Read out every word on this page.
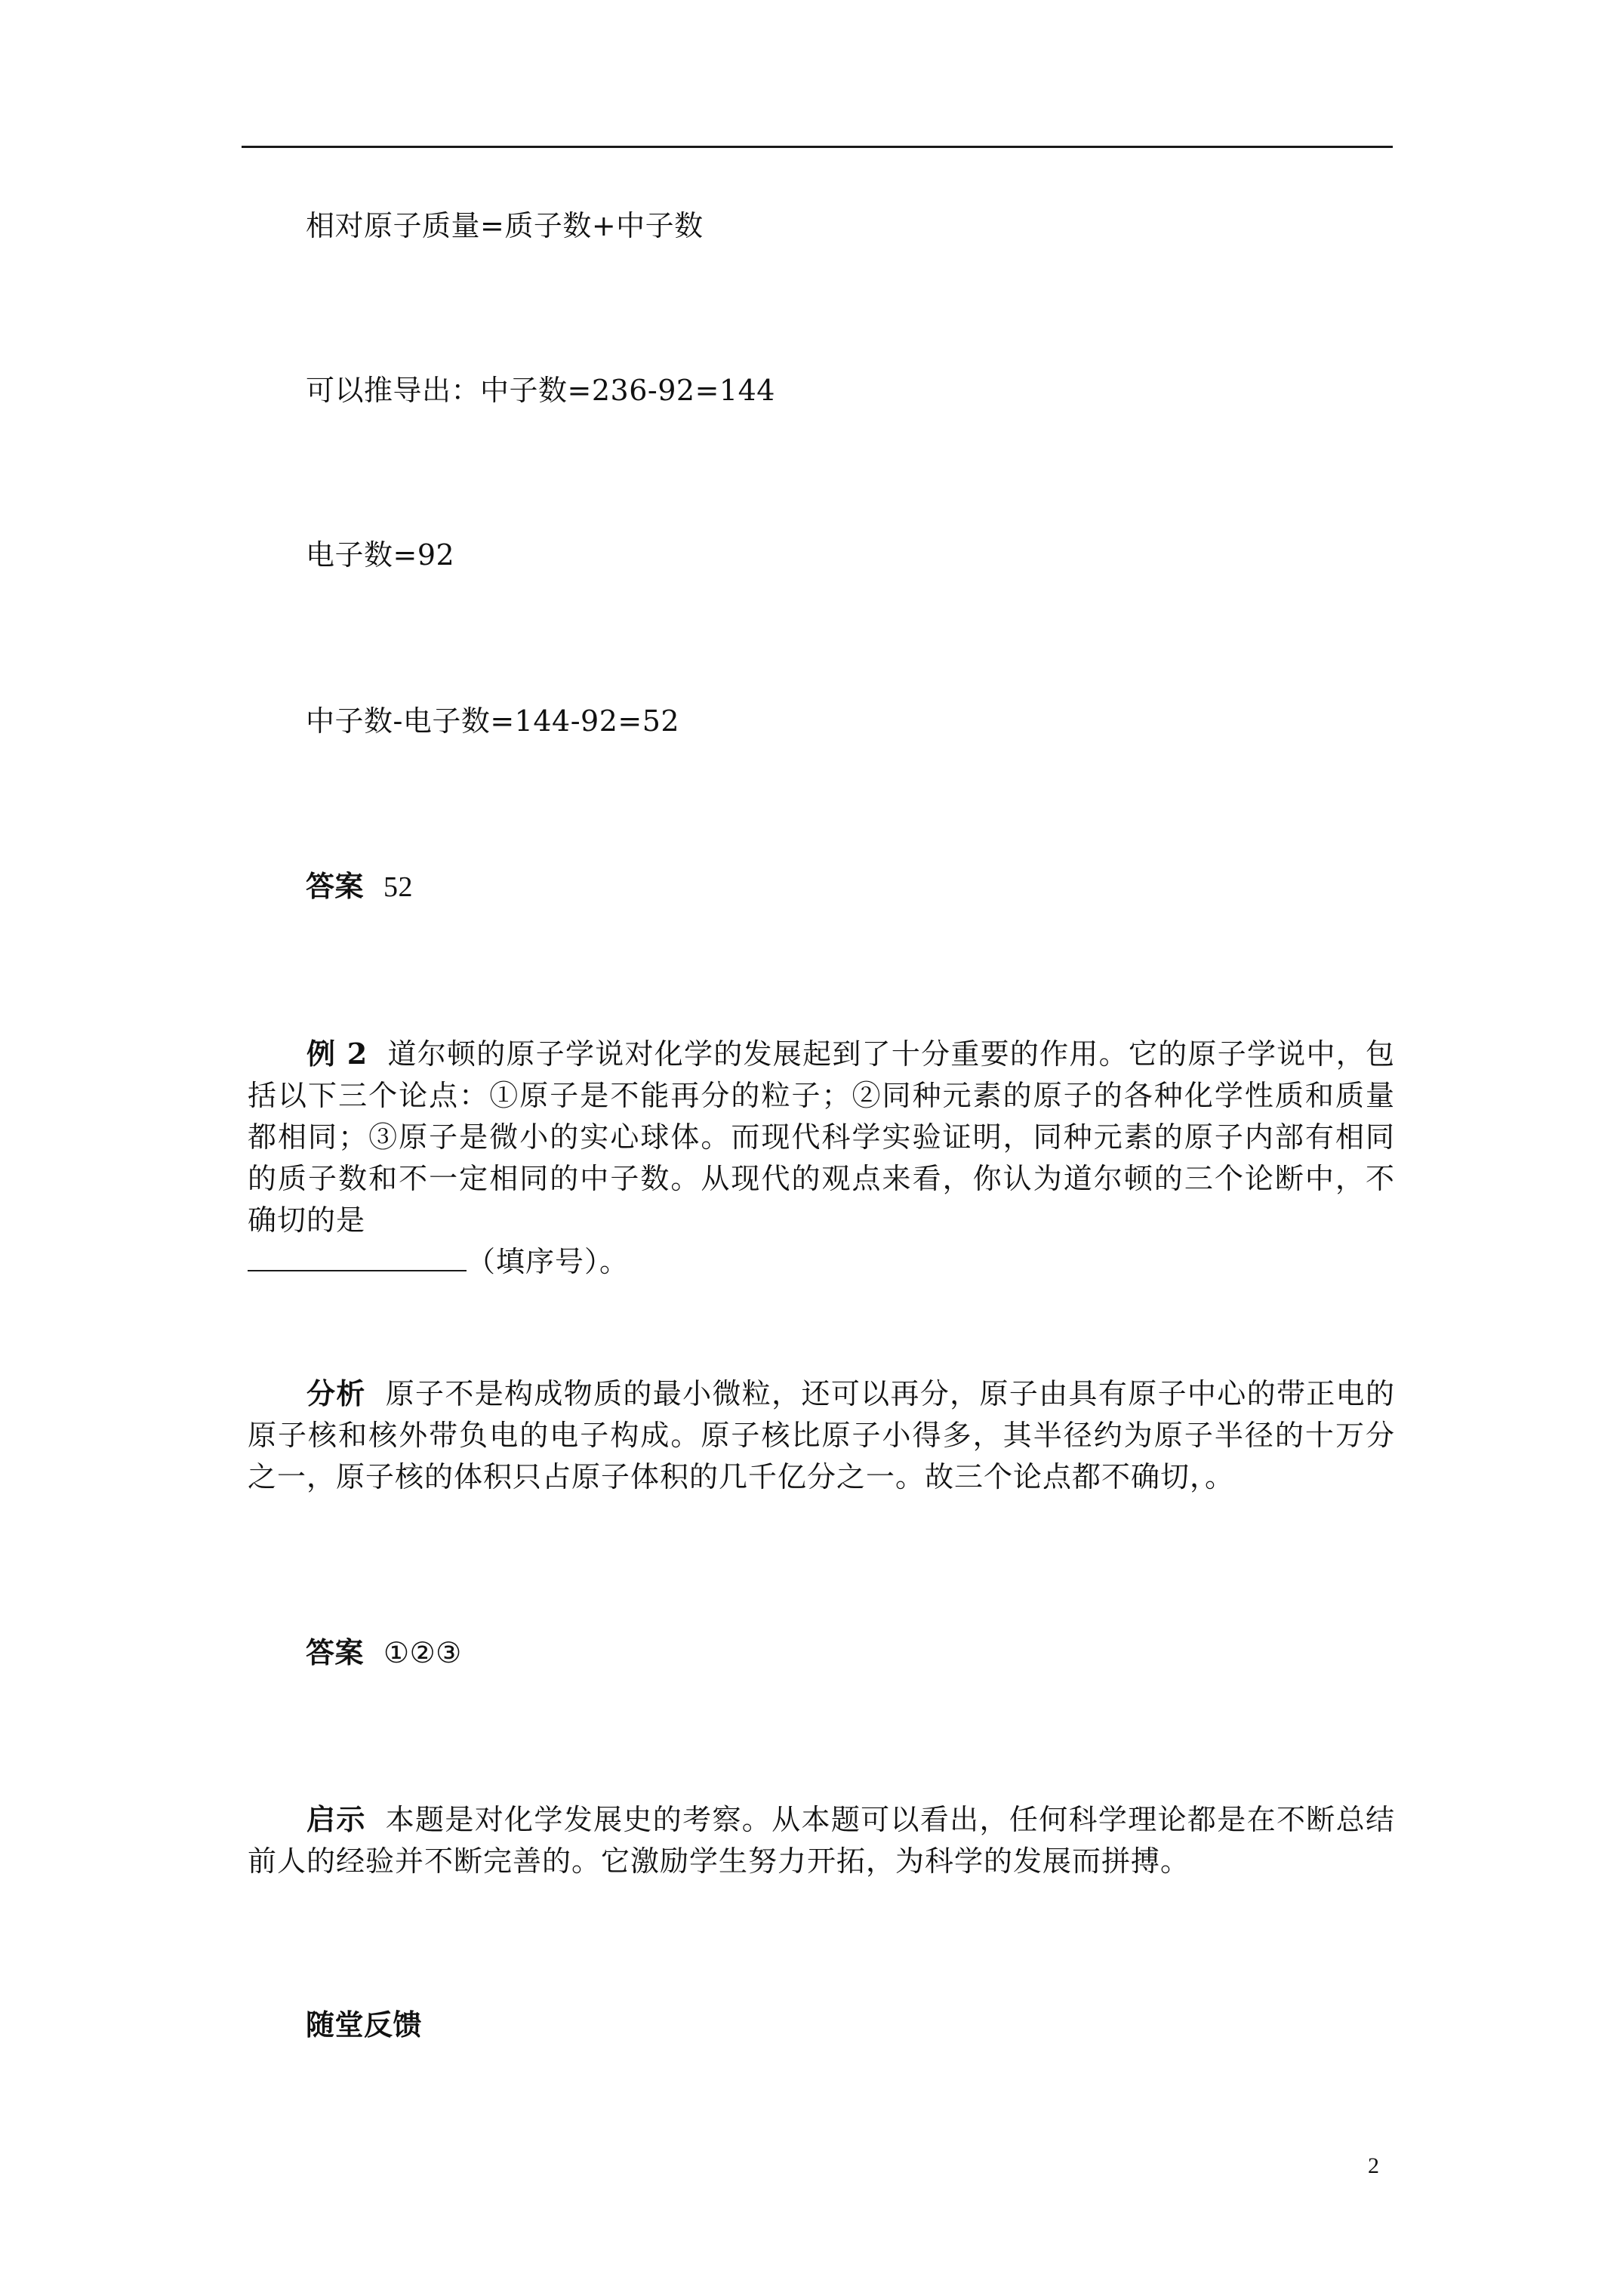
相对原子质量=质子数+中子数
可以推导出：中子数=236-92=144
电子数=92
中子数-电子数=144-92=52
答案 52
例 2 道尔顿的原子学说对化学的发展起到了十分重要的作用。它的原子学说中，包括以下三个论点：①原子是不能再分的粒子；②同种元素的原子的各种化学性质和质量都相同；③原子是微小的实心球体。而现代科学实验证明，同种元素的原子内部有相同的质子数和不一定相同的中子数。从现代的观点来看，你认为道尔顿的三个论断中，不确切的是
（填序号）。
分析 原子不是构成物质的最小微粒，还可以再分，原子由具有原子中心的带正电的原子核和核外带负电的电子构成。原子核比原子小得多，其半径约为原子半径的十万分之一，原子核的体积只占原子体积的几千亿分之一。故三个论点都不确切，。
答案 ①②③
启示 本题是对化学发展史的考察。从本题可以看出，任何科学理论都是在不断总结前人的经验并不断完善的。它激励学生努力开拓，为科学的发展而拼搏。
随堂反馈
2
